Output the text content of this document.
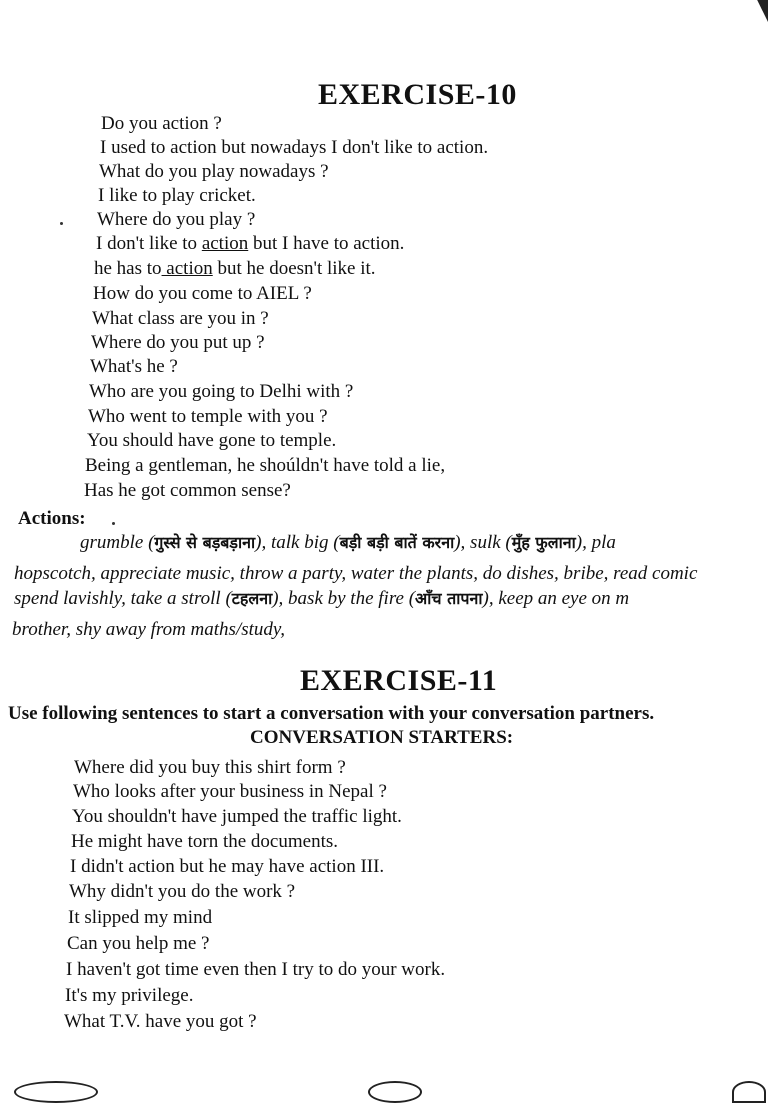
EXERCISE-10
Do you action ?
I used to action but nowadays I don't like to action.
What do you play nowadays ?
I like to play cricket.
Where do you play ?
I don't like to action but I have to action.
he has to action but he doesn't like it.
How do you come to AIEL ?
What class are you in ?
Where do you put up ?
What's he ?
Who are you going to Delhi with ?
Who went to temple with you ?
You should have gone to temple.
Being a gentleman, he shoúldn't have told a lie,
Has he got common sense?
Actions:
grumble (गुस्से से बड़बड़ाना), talk big (बड़ी बड़ी बातें करना), sulk (मुँह फुलाना), pla
hopscotch, appreciate music, throw a party, water the plants, do dishes, bribe, read comic
spend lavishly, take a stroll (टहलना), bask by the fire (आँच तापना), keep an eye on m
brother, shy away from maths/study,
EXERCISE-11
Use following sentences to start a conversation with your conversation partners.
CONVERSATION STARTERS:
Where did you buy this shirt form ?
Who looks after your business in Nepal ?
You shouldn't have jumped the traffic light.
He might have torn the documents.
I didn't action but he may have action III.
Why didn't you do the work ?
It slipped my mind
Can you help me ?
I haven't got time even then I try to do your work.
It's my privilege.
What T.V. have you got ?
